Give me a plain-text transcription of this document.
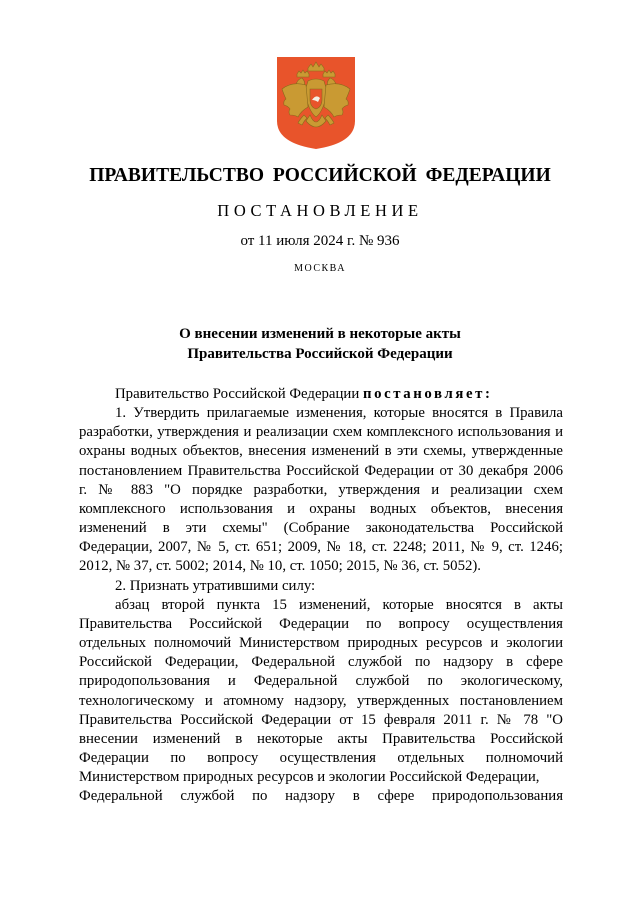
ПРАВИТЕЛЬСТВО РОССИЙСКОЙ ФЕДЕРАЦИИ
ПОСТАНОВЛЕНИЕ
от 11 июля 2024 г. № 936
МОСКВА
О внесении изменений в некоторые акты
Правительства Российской Федерации
Правительство Российской Федерации постановляет:
1. Утвердить прилагаемые изменения, которые вносятся в Правила разработки, утверждения и реализации схем комплексного использования и охраны водных объектов, внесения изменений в эти схемы, утвержденные постановлением Правительства Российской Федерации от 30 декабря 2006 г. № 883 "О порядке разработки, утверждения и реализации схем комплексного использования и охраны водных объектов, внесения изменений в эти схемы" (Собрание законодательства Российской Федерации, 2007, № 5, ст. 651; 2009, № 18, ст. 2248; 2011, № 9, ст. 1246; 2012, № 37, ст. 5002; 2014, № 10, ст. 1050; 2015, № 36, ст. 5052).
2. Признать утратившими силу:
абзац второй пункта 15 изменений, которые вносятся в акты Правительства Российской Федерации по вопросу осуществления отдельных полномочий Министерством природных ресурсов и экологии Российской Федерации, Федеральной службой по надзору в сфере природопользования и Федеральной службой по экологическому, технологическому и атомному надзору, утвержденных постановлением Правительства Российской Федерации от 15 февраля 2011 г. № 78 "О внесении изменений в некоторые акты Правительства Российской Федерации по вопросу осуществления отдельных полномочий Министерством природных ресурсов и экологии Российской Федерации,
Федеральной службой по надзору в сфере природопользования
